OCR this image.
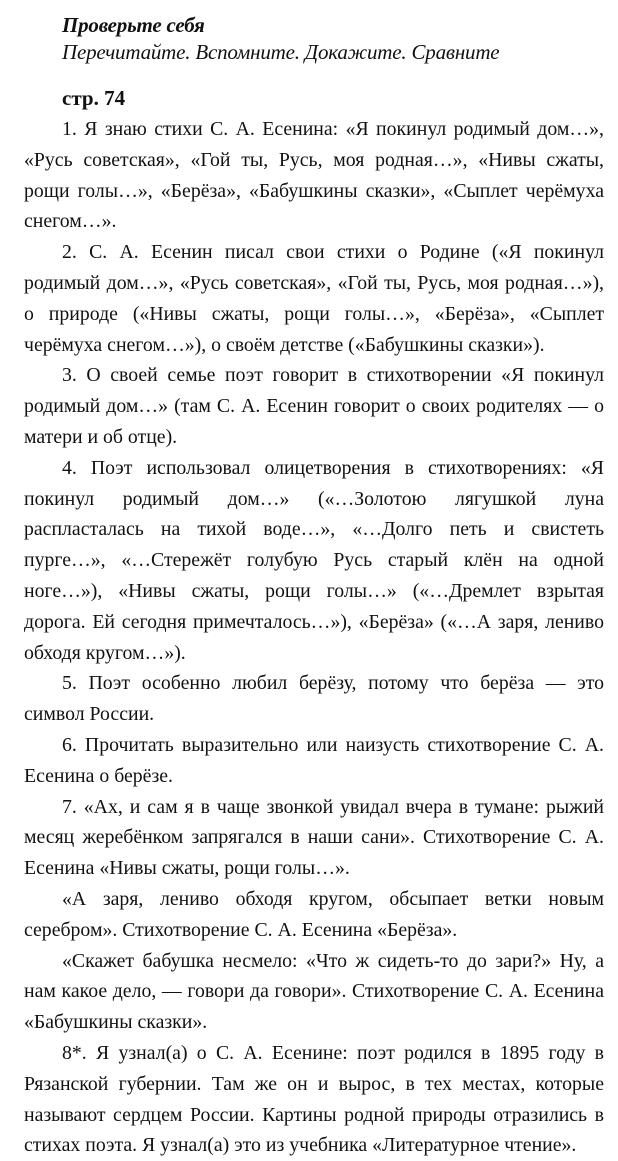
Проверьте себя
Перечитайте. Вспомните. Докажите. Сравните
стр. 74

1. Я знаю стихи С. А. Есенина: «Я покинул родимый дом…», «Русь советская», «Гой ты, Русь, моя родная…», «Нивы сжаты, рощи голы…», «Берёза», «Бабушкины сказки», «Сыплет черёмуха снегом…».

2. С. А. Есенин писал свои стихи о Родине («Я покинул родимый дом…», «Русь советская», «Гой ты, Русь, моя родная…»), о природе («Нивы сжаты, рощи голы…», «Берёза», «Сыплет черёмуха снегом…»), о своём детстве («Бабушкины сказки»).

3. О своей семье поэт говорит в стихотворении «Я покинул родимый дом…» (там С. А. Есенин говорит о своих родителях — о матери и об отце).

4. Поэт использовал олицетворения в стихотворениях: «Я покинул родимый дом…» («…Золотою лягушкой луна распласталась на тихой воде…», «…Долго петь и свистеть пурге…», «…Стережёт голубую Русь старый клён на одной ноге…»), «Нивы сжаты, рощи голы…» («…Дремлет взрытая дорога. Ей сегодня примечталось…»), «Берёза» («…А заря, лениво обходя кругом…»).

5. Поэт особенно любил берёзу, потому что берёза — это символ России.

6. Прочитать выразительно или наизусть стихотворение С. А. Есенина о берёзе.

7. «Ах, и сам я в чаще звонкой увидал вчера в тумане: рыжий месяц жеребёнком запрягался в наши сани». Стихотворение С. А. Есенина «Нивы сжаты, рощи голы…».

«А заря, лениво обходя кругом, обсыпает ветки новым серебром». Стихотворение С. А. Есенина «Берёза».

«Скажет бабушка несмело: «Что ж сидеть-то до зари?» Ну, а нам какое дело, — говори да говори». Стихотворение С. А. Есенина «Бабушкины сказки».

8*. Я узнал(а) о С. А. Есенине: поэт родился в 1895 году в Рязанской губернии. Там же он и вырос, в тех местах, которые называют сердцем России. Картины родной природы отразились в стихах поэта. Я узнал(а) это из учебника «Литературное чтение».
